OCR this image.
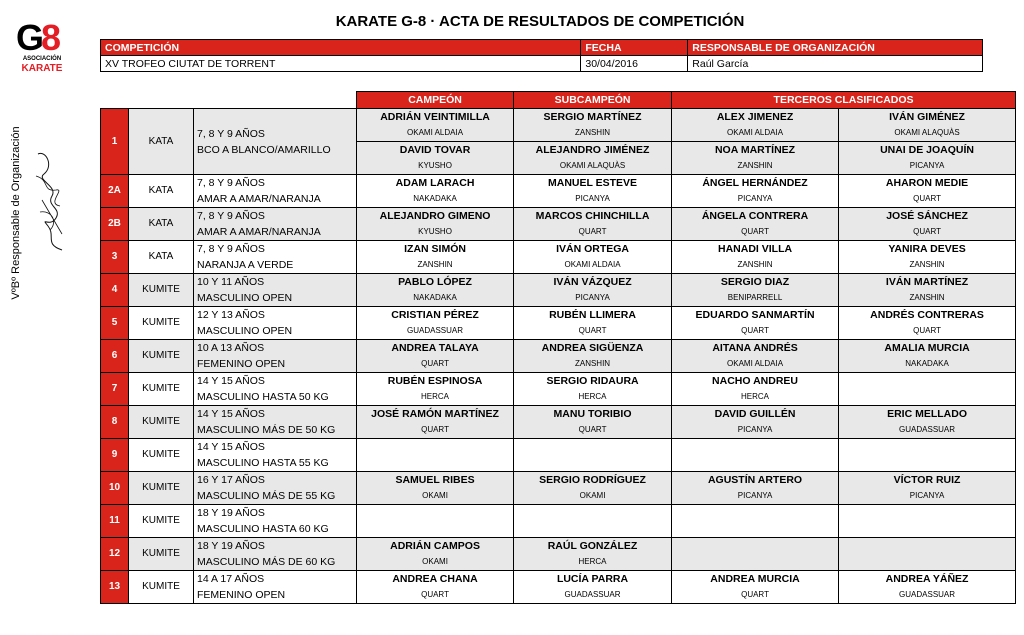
G8
ASOCIACIÓN
KARATE
VºBº Responsable de Organización
KARATE G-8 · ACTA DE RESULTADOS DE COMPETICIÓN
COMPETICIÓN	FECHA	RESPONSABLE DE ORGANIZACIÓN
XV TROFEO CIUTAT DE TORRENT	30/04/2016	Raúl García
			CAMPEÓN	SUBCAMPEÓN	TERCEROS CLASIFICADOS	
1	KATA	7, 8 Y 9 AÑOS	ADRIÁN VEINTIMILLA	SERGIO MARTÍNEZ	ALEX JIMENEZ	IVÁN GIMÉNEZ
			OKAMI ALDAIA	ZANSHIN	OKAMI ALDAIA	OKAMI ALAQUÀS
		BCO A BLANCO/AMARILLO	DAVID TOVAR	ALEJANDRO JIMÉNEZ	NOA MARTÍNEZ	UNAI DE JOAQUÍN
			KYUSHO	OKAMI ALAQUÀS	ZANSHIN	PICANYA
2A	KATA	7, 8 Y 9 AÑOS	ADAM LARACH	MANUEL ESTEVE	ÁNGEL HERNÁNDEZ	AHARON MEDIE
		AMAR A AMAR/NARANJA	NAKADAKA	PICANYA	PICANYA	QUART
2B	KATA	7, 8 Y 9 AÑOS	ALEJANDRO GIMENO	MARCOS CHINCHILLA	ÁNGELA CONTRERA	JOSÉ SÁNCHEZ
		AMAR A AMAR/NARANJA	KYUSHO	QUART	QUART	QUART
3	KATA	7, 8 Y 9 AÑOS	IZAN SIMÓN	IVÁN ORTEGA	HANADI VILLA	YANIRA DEVES
		NARANJA A VERDE	ZANSHIN	OKAMI ALDAIA	ZANSHIN	ZANSHIN
4	KUMITE	10 Y 11 AÑOS	PABLO LÓPEZ	IVÁN VÁZQUEZ	SERGIO DIAZ	IVÁN MARTÍNEZ
		MASCULINO OPEN	NAKADAKA	PICANYA	BENIPARRELL	ZANSHIN
5	KUMITE	12 Y 13 AÑOS	CRISTIAN PÉREZ	RUBÉN LLIMERA	EDUARDO SANMARTÍN	ANDRÉS CONTRERAS
		MASCULINO OPEN	GUADASSUAR	QUART	QUART	QUART
6	KUMITE	10 A 13 AÑOS	ANDREA TALAYA	ANDREA SIGÜENZA	AITANA ANDRÉS	AMALIA MURCIA
		FEMENINO OPEN	QUART	ZANSHIN	OKAMI ALDAIA	NAKADAKA
7	KUMITE	14 Y 15 AÑOS	RUBÉN ESPINOSA	SERGIO RIDAURA	NACHO ANDREU	
		MASCULINO HASTA 50 KG	HERCA	HERCA	HERCA	
8	KUMITE	14 Y 15 AÑOS	JOSÉ RAMÓN MARTÍNEZ	MANU TORIBIO	DAVID GUILLÉN	ERIC MELLADO
		MASCULINO MÁS DE 50 KG	QUART	QUART	PICANYA	GUADASSUAR
9	KUMITE	14 Y 15 AÑOS				
		MASCULINO HASTA 55 KG				
10	KUMITE	16 Y 17 AÑOS	SAMUEL RIBES	SERGIO RODRÍGUEZ	AGUSTÍN ARTERO	VÍCTOR RUIZ
		MASCULINO MÁS DE 55 KG	OKAMI	OKAMI	PICANYA	PICANYA
11	KUMITE	18 Y 19 AÑOS				
		MASCULINO HASTA 60 KG				
12	KUMITE	18 Y 19 AÑOS	ADRIÁN CAMPOS	RAÚL GONZÁLEZ		
		MASCULINO MÁS DE 60 KG	OKAMI	HERCA		
13	KUMITE	14 A 17 AÑOS	ANDREA CHANA	LUCÍA PARRA	ANDREA MURCIA	ANDREA YÁÑEZ
		FEMENINO OPEN	QUART	GUADASSUAR	QUART	GUADASSUAR
